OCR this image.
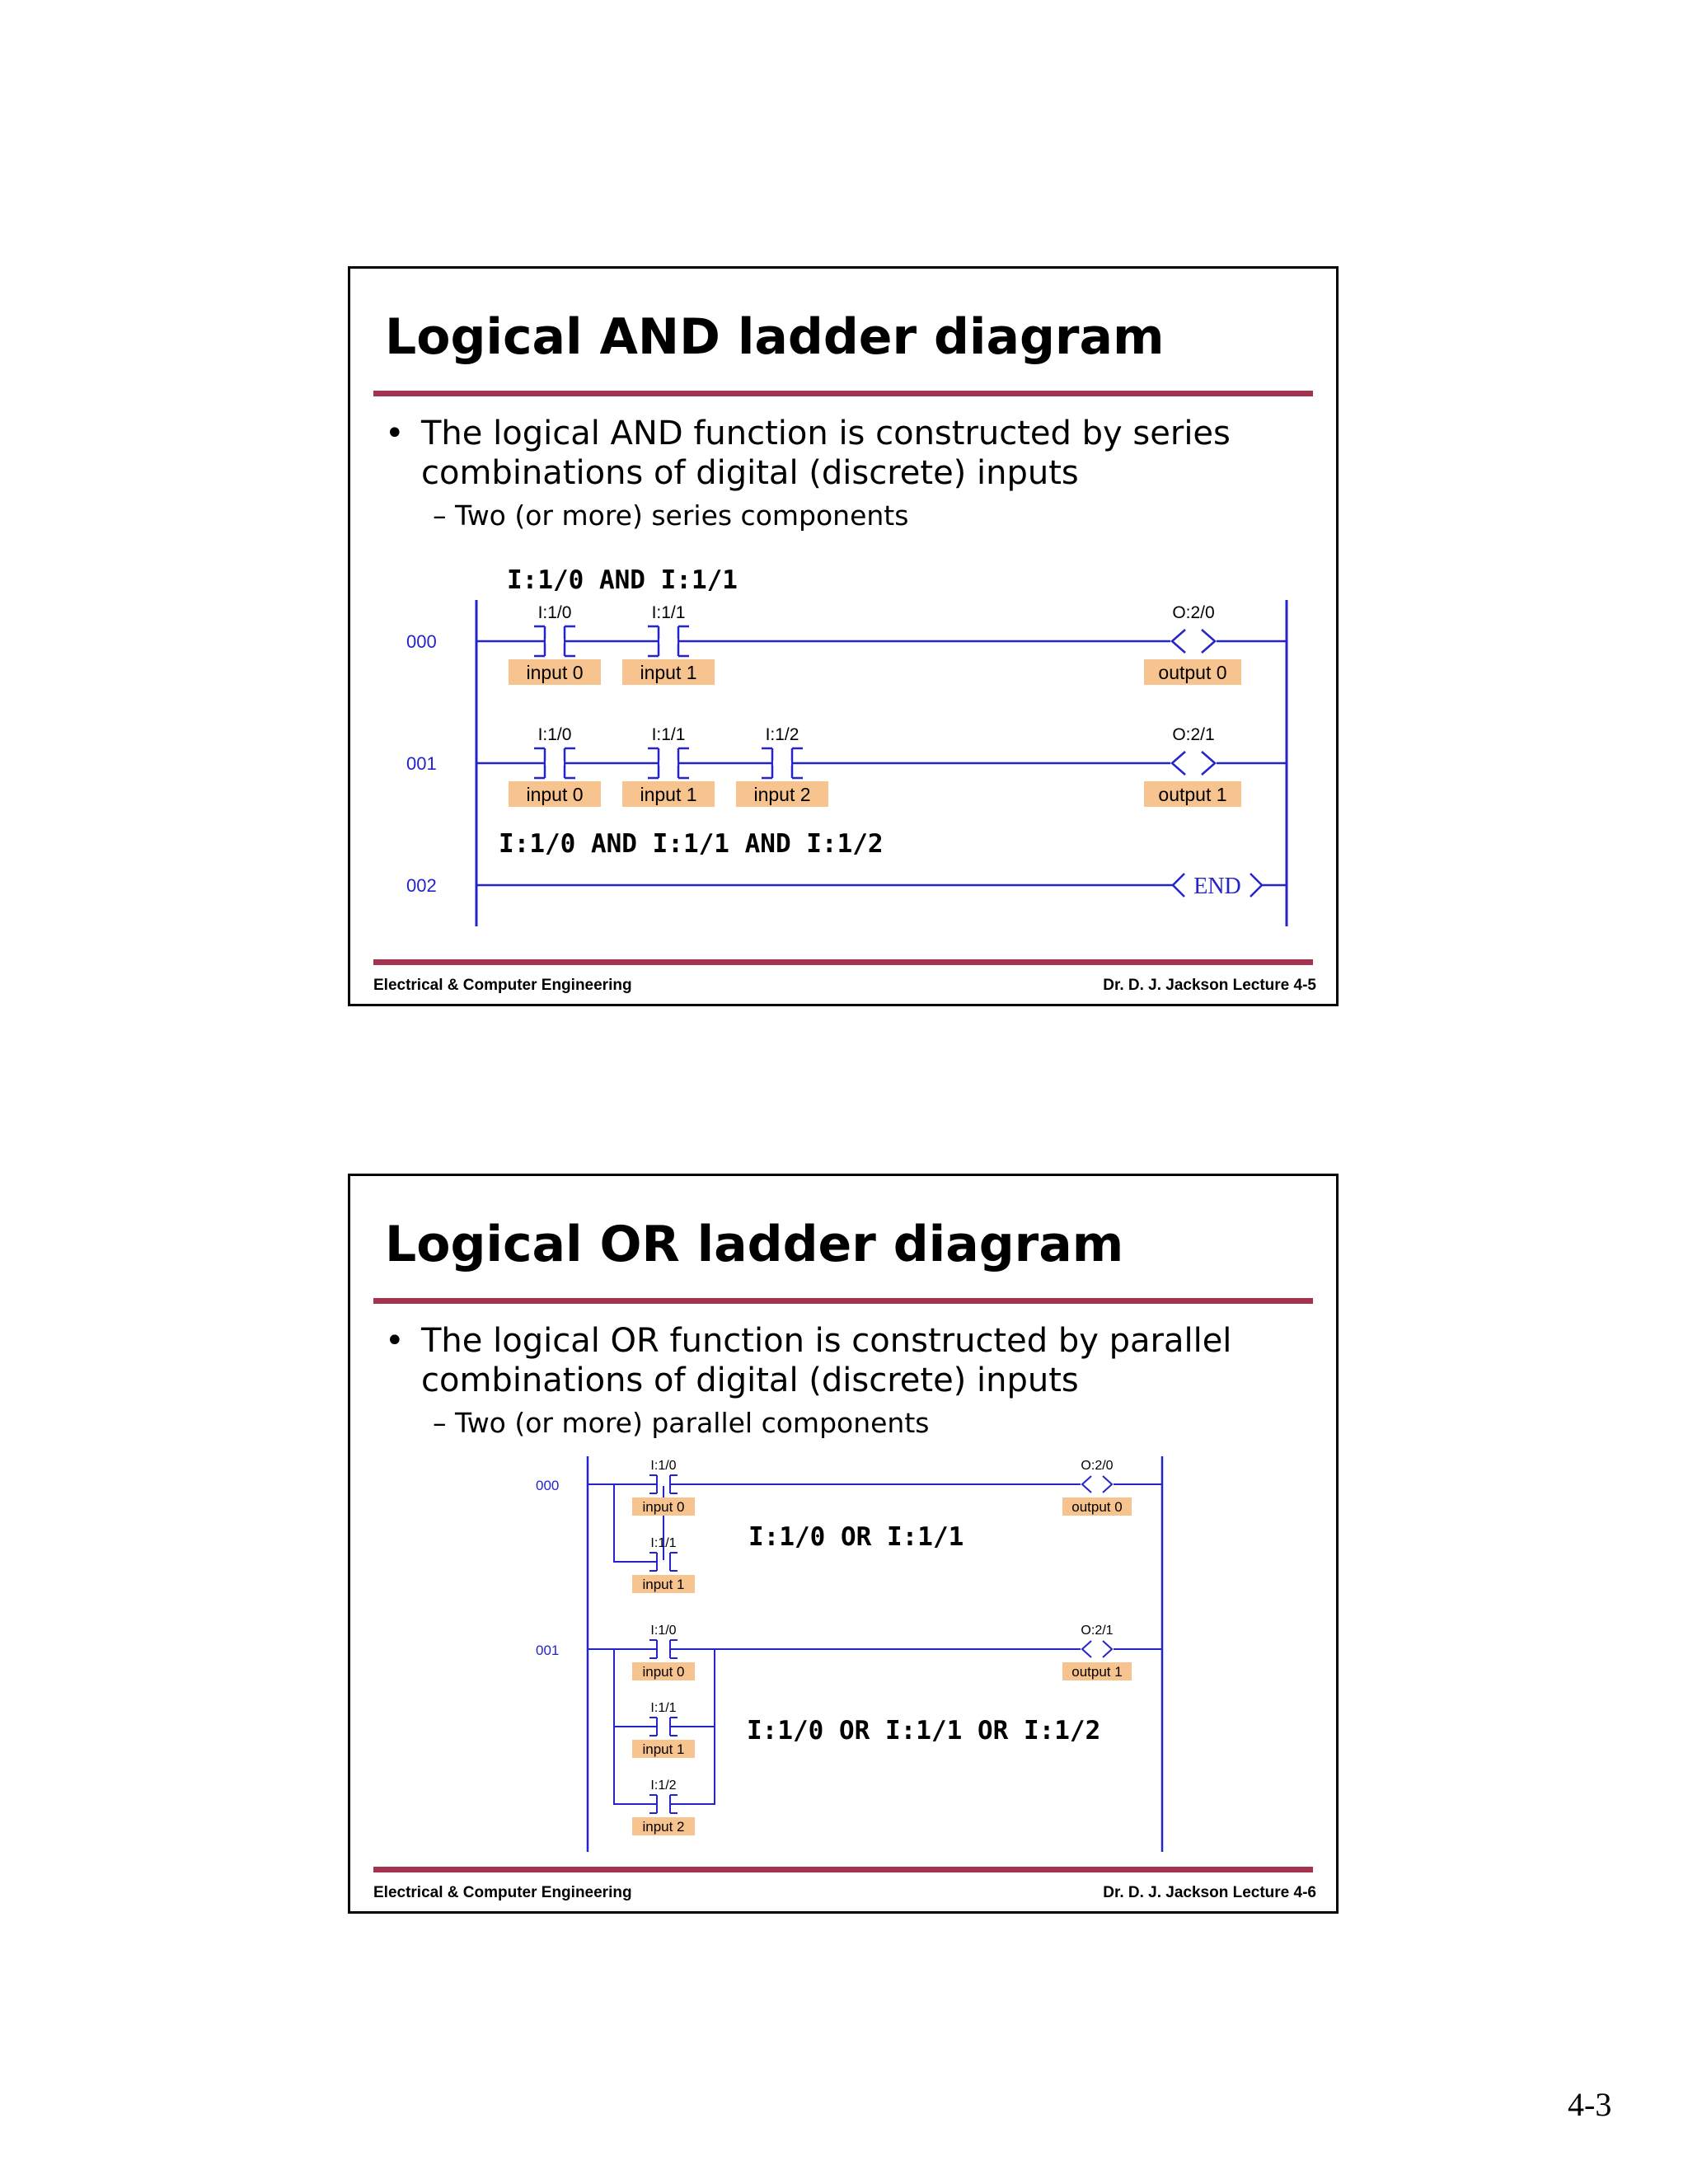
Logical AND ladder diagram
• The logical AND function is constructed by series combinations of digital (discrete) inputs
– Two (or more) series components
I:1/0 AND I:1/1
I:1/0 AND I:1/1 AND I:1/2
000
001
002
I:1/0	I:1/1	O:2/0
input 0	input 1	output 0
I:1/0	I:1/1	I:1/2	O:2/1
input 0	input 1	input 2	output 1
END
Electrical & Computer Engineering	Dr. D. J. Jackson Lecture 4-5
Logical OR ladder diagram
• The logical OR function is constructed by parallel combinations of digital (discrete) inputs
– Two (or more) parallel components
000
001
I:1/0
I:1/1
O:2/0
input 0
input 1
output 0
I:1/0 OR I:1/1
I:1/0
I:1/1
I:1/2
O:2/1
input 0
input 1
input 2
output 1
I:1/0 OR I:1/1 OR I:1/2
Electrical & Computer Engineering	Dr. D. J. Jackson Lecture 4-6
4-3
